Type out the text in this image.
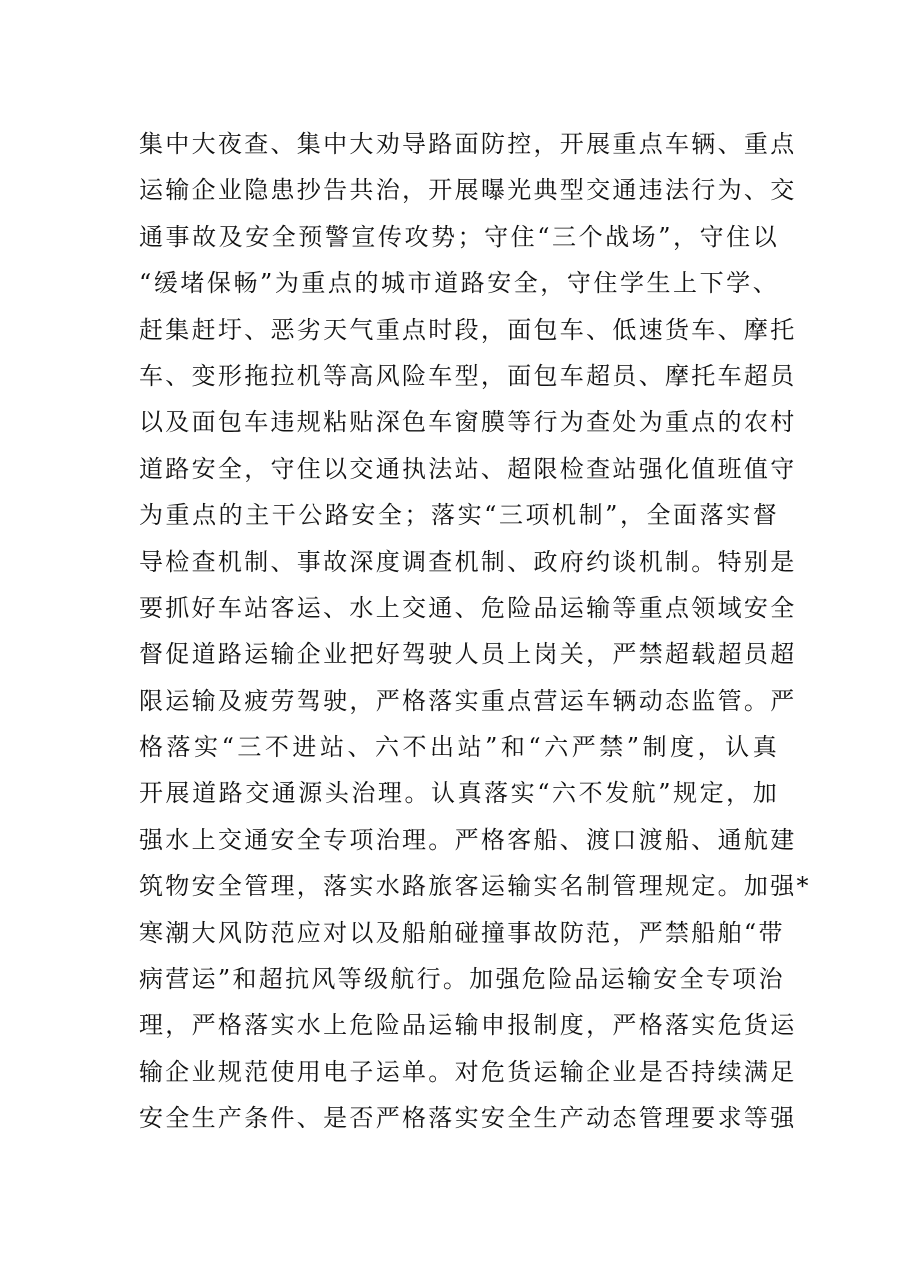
集中大夜查、集中大劝导路面防控，开展重点车辆、重点
运输企业隐患抄告共治，开展曝光典型交通违法行为、交
通事故及安全预警宣传攻势；守住“三个战场”，守住以
“缓堵保畅”为重点的城市道路安全，守住学生上下学、
赶集赶圩、恶劣天气重点时段，面包车、低速货车、摩托
车、变形拖拉机等高风险车型，面包车超员、摩托车超员
以及面包车违规粘贴深色车窗膜等行为查处为重点的农村
道路安全，守住以交通执法站、超限检查站强化值班值守
为重点的主干公路安全；落实“三项机制”，全面落实督
导检查机制、事故深度调查机制、政府约谈机制。特别是
要抓好车站客运、水上交通、危险品运输等重点领域安全
督促道路运输企业把好驾驶人员上岗关，严禁超载超员超
限运输及疲劳驾驶，严格落实重点营运车辆动态监管。严
格落实“三不进站、六不出站”和“六严禁”制度，认真
开展道路交通源头治理。认真落实“六不发航”规定，加
强水上交通安全专项治理。严格客船、渡口渡船、通航建
筑物安全管理，落实水路旅客运输实名制管理规定。加强*
寒潮大风防范应对以及船舶碰撞事故防范，严禁船舶“带
病营运”和超抗风等级航行。加强危险品运输安全专项治
理，严格落实水上危险品运输申报制度，严格落实危货运
输企业规范使用电子运单。对危货运输企业是否持续满足
安全生产条件、是否严格落实安全生产动态管理要求等强
